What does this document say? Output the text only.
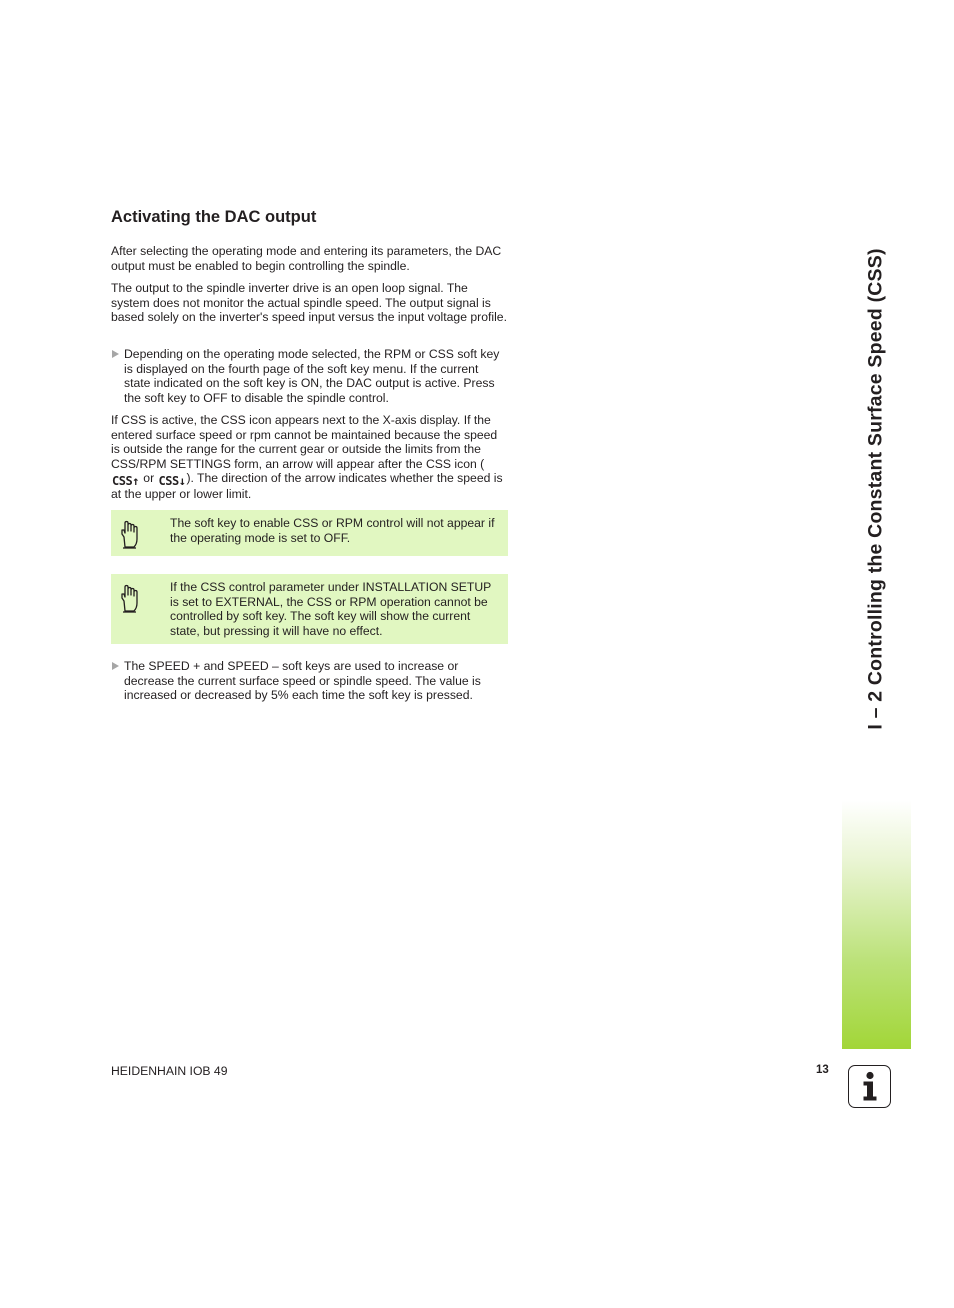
I – 2 Controlling the Constant Surface Speed (CSS)
Activating the DAC output

After selecting the operating mode and entering its parameters, the DAC output must be enabled to begin controlling the spindle.

The output to the spindle inverter drive is an open loop signal. The system does not monitor the actual spindle speed. The output signal is based solely on the inverter's speed input versus the input voltage profile.

Depending on the operating mode selected, the RPM or CSS soft key is displayed on the fourth page of the soft key menu. If the current state indicated on the soft key is ON, the DAC output is active. Press the soft key to OFF to disable the spindle control.

If CSS is active, the CSS icon appears next to the X-axis display. If the entered surface speed or rpm cannot be maintained because the speed is outside the range for the current gear or outside the limits from the CSS/RPM SETTINGS form, an arrow will appear after the CSS icon (CSS↑ or CSS↓). The direction of the arrow indicates whether the speed is at the upper or lower limit.

The soft key to enable CSS or RPM control will not appear if the operating mode is set to OFF.

If the CSS control parameter under INSTALLATION SETUP is set to EXTERNAL, the CSS or RPM operation cannot be controlled by soft key. The soft key will show the current state, but pressing it will have no effect.

The SPEED + and SPEED – soft keys are used to increase or decrease the current surface speed or spindle speed. The value is increased or decreased by 5% each time the soft key is pressed.

HEIDENHAIN IOB 49	13
